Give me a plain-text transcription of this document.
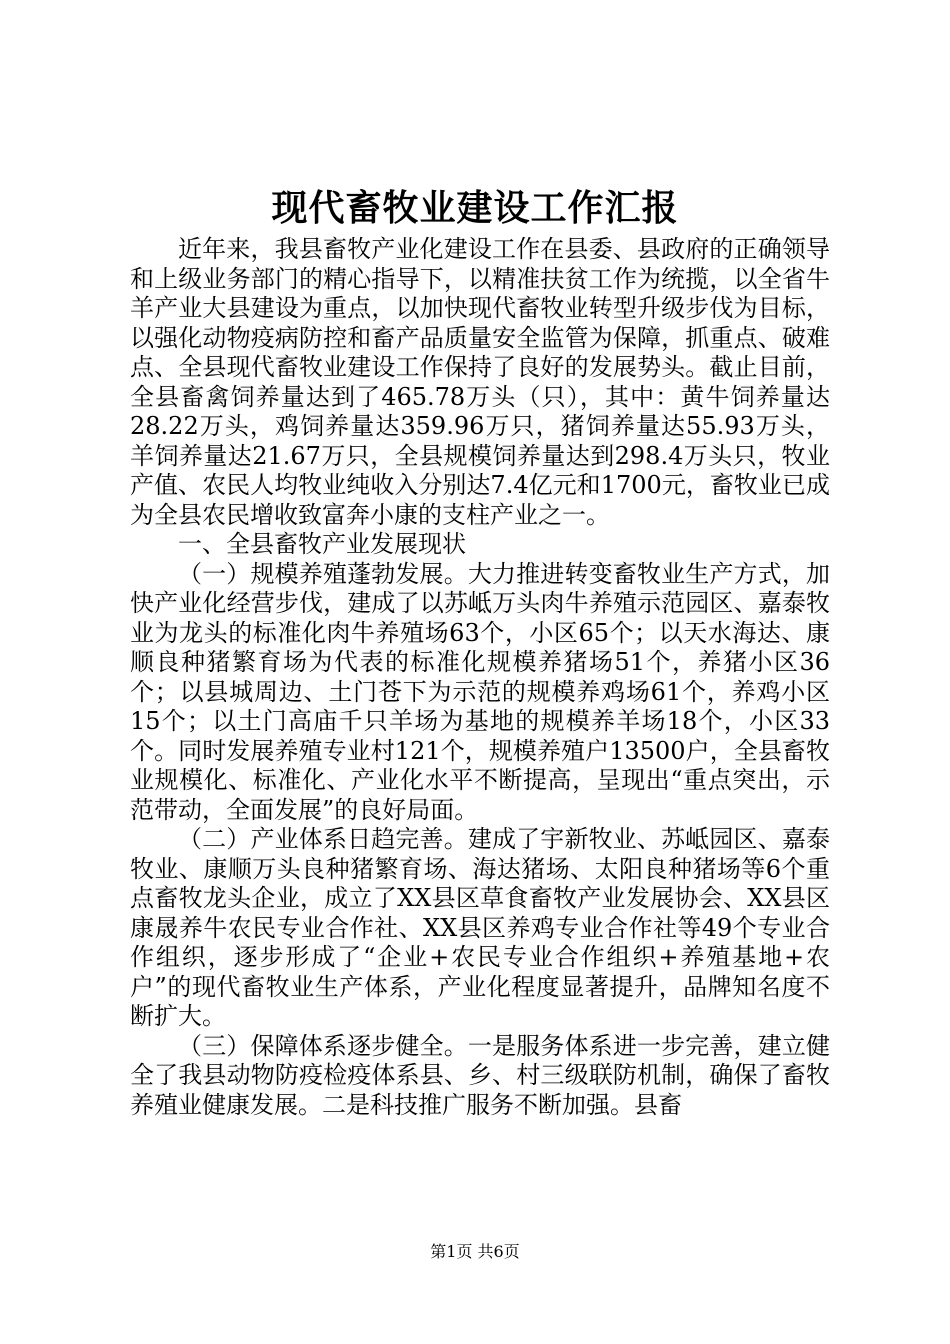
现代畜牧业建设工作汇报

近年来，我县畜牧产业化建设工作在县委、县政府的正确领导和上级业务部门的精心指导下，以精准扶贫工作为统揽，以全省牛羊产业大县建设为重点，以加快现代畜牧业转型升级步伐为目标，以强化动物疫病防控和畜产品质量安全监管为保障，抓重点、破难点、全县现代畜牧业建设工作保持了良好的发展势头。截止目前，全县畜禽饲养量达到了465.78万头（只），其中：黄牛饲养量达28.22万头，鸡饲养量达359.96万只，猪饲养量达55.93万头，羊饲养量达21.67万只，全县规模饲养量达到298.4万头只，牧业产值、农民人均牧业纯收入分别达7.4亿元和1700元，畜牧业已成为全县农民增收致富奔小康的支柱产业之一。

一、全县畜牧产业发展现状

（一）规模养殖蓬勃发展。大力推进转变畜牧业生产方式，加快产业化经营步伐，建成了以苏岻万头肉牛养殖示范园区、嘉泰牧业为龙头的标准化肉牛养殖场63个，小区65个；以天水海达、康顺良种猪繁育场为代表的标准化规模养猪场51个，养猪小区36个；以县城周边、土门苍下为示范的规模养鸡场61个，养鸡小区15个；以土门高庙千只羊场为基地的规模养羊场18个，小区33个。同时发展养殖专业村121个，规模养殖户13500户，全县畜牧业规模化、标准化、产业化水平不断提高，呈现出“重点突出，示范带动，全面发展”的良好局面。

（二）产业体系日趋完善。建成了宇新牧业、苏岻园区、嘉泰牧业、康顺万头良种猪繁育场、海达猪场、太阳良种猪场等6个重点畜牧龙头企业，成立了XX县区草食畜牧产业发展协会、XX县区康晟养牛农民专业合作社、XX县区养鸡专业合作社等49个专业合作组织，逐步形成了“企业+农民专业合作组织+养殖基地+农户”的现代畜牧业生产体系，产业化程度显著提升，品牌知名度不断扩大。

（三）保障体系逐步健全。一是服务体系进一步完善，建立健全了我县动物防疫检疫体系县、乡、村三级联防机制，确保了畜牧养殖业健康发展。二是科技推广服务不断加强。县畜

第1页 共6页
